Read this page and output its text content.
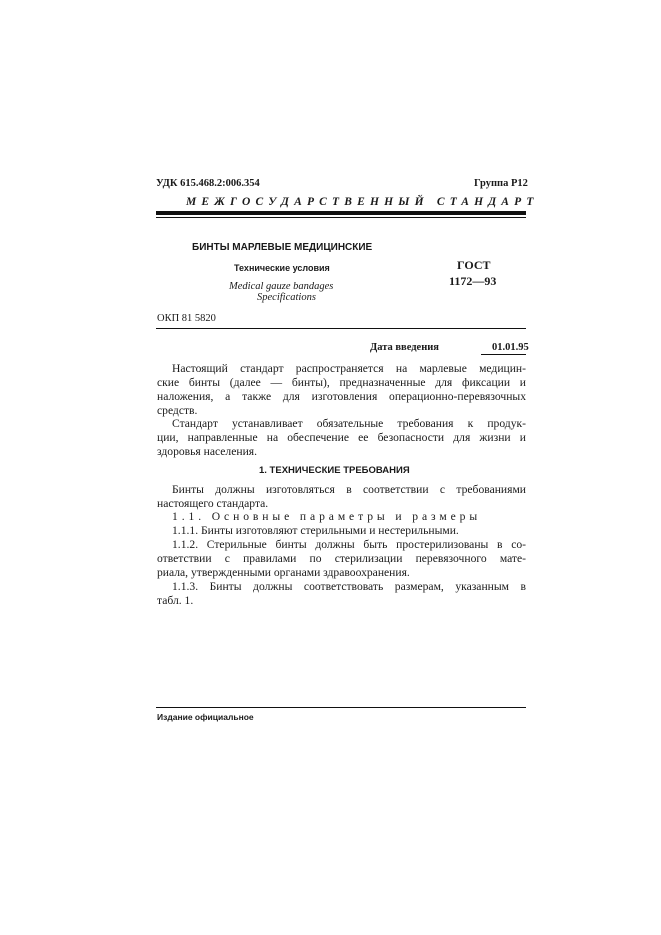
УДК 615.468.2:006.354	Группа Р12
МЕЖГОСУДАРСТВЕННЫЙ СТАНДАРТ
БИНТЫ МАРЛЕВЫЕ МЕДИЦИНСКИЕ
Технические условия
Medical gauze bandages
Specifications
ГОСТ
1172—93
ОКП 81 5820
Дата введения	01.01.95
Настоящий стандарт распространяется на марлевые медицин-
ские бинты (далее — бинты), предназначенные для фиксации и
наложения, а также для изготовления операционно-перевязочных
средств.
Стандарт устанавливает обязательные требования к продук-
ции, направленные на обеспечение ее безопасности для жизни и
здоровья населения.
1. ТЕХНИЧЕСКИЕ ТРЕБОВАНИЯ
Бинты должны изготовляться в соответствии с требованиями
настоящего стандарта.
1.1. Основные параметры и размеры
1.1.1. Бинты изготовляют стерильными и нестерильными.
1.1.2. Стерильные бинты должны быть простерилизованы в со-
ответствии с правилами по стерилизации перевязочного мате-
риала, утвержденными органами здравоохранения.
1.1.3. Бинты должны соответствовать размерам, указанным в
табл. 1.
Издание официальное
